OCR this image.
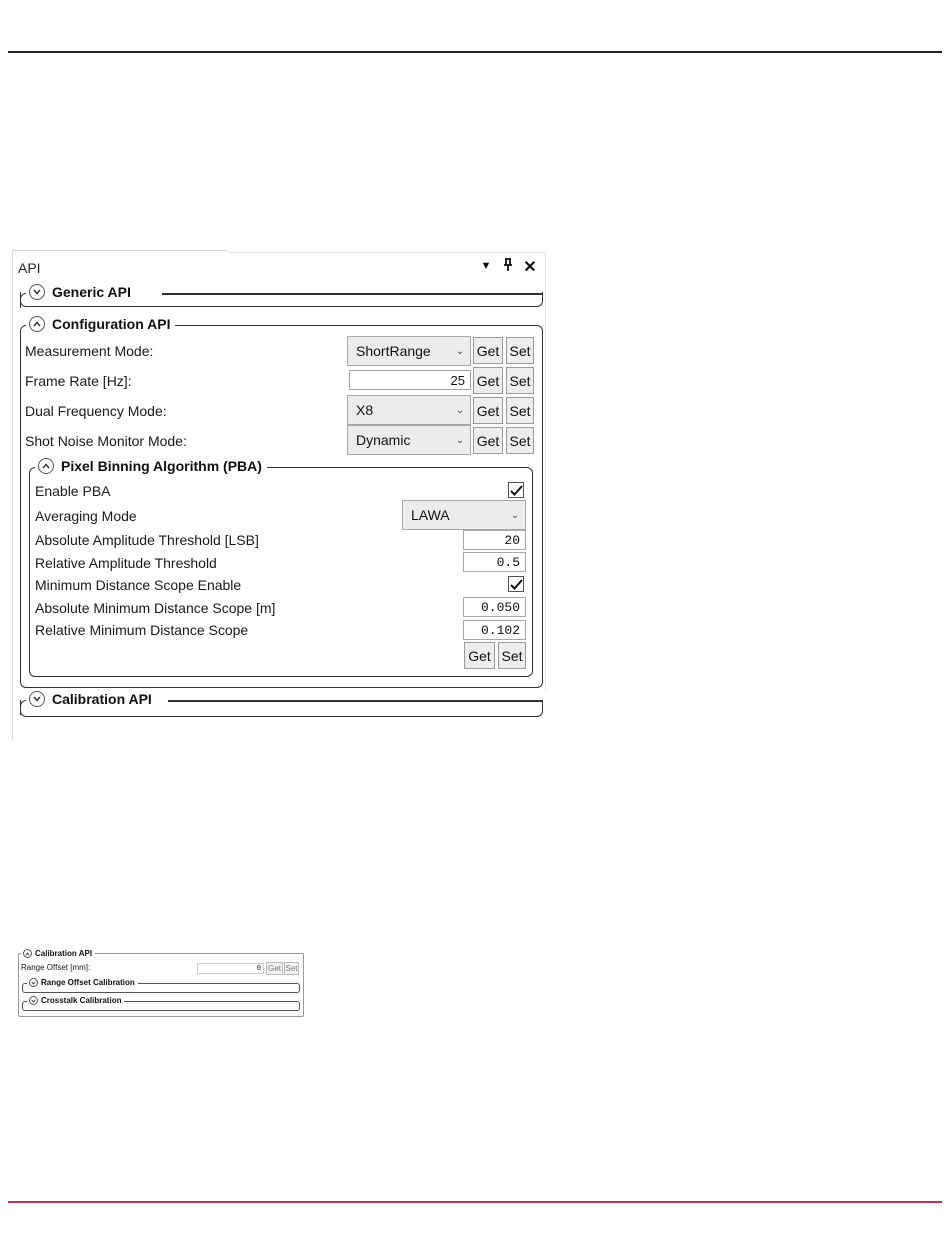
API	▼ ✕
Generic API
Configuration API
Measurement Mode:	ShortRange	⌄ Get Set
Frame Rate [Hz]:	25 Get Set
Dual Frequency Mode:	X8	⌄ Get Set
Shot Noise Monitor Mode:	Dynamic	⌄ Get Set
Pixel Binning Algorithm (PBA)
Enable PBA
Averaging Mode	LAWA	⌄
Absolute Amplitude Threshold [LSB]	20
Relative Amplitude Threshold	0.5
Minimum Distance Scope Enable
Absolute Minimum Distance Scope [m]	0.050
Relative Minimum Distance Scope	0.102
Get Set
Calibration API
Calibration API
Range Offset [mm]:	0 Get Set
Range Offset Calibration
Crosstalk Calibration
